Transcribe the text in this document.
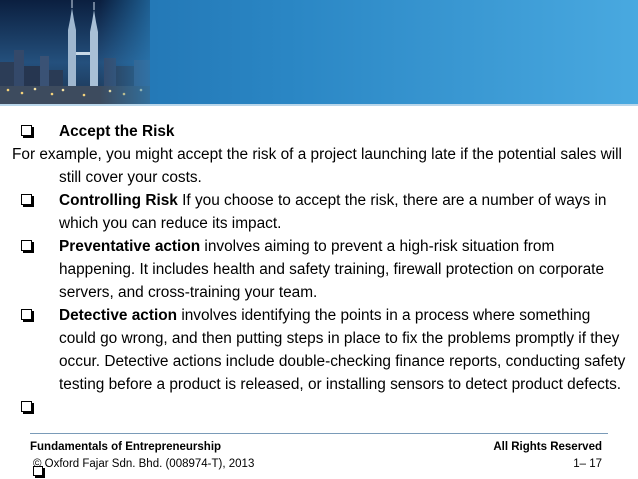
Accept the Risk
For example, you might accept the risk of a project launching late if the potential sales will still cover your costs.
Controlling Risk If you choose to accept the risk, there are a number of ways in which you can reduce its impact.
Preventative action involves aiming to prevent a high-risk situation from happening. It includes health and safety training, firewall protection on corporate servers, and cross-training your team.
Detective action involves identifying the points in a process where something could go wrong, and then putting steps in place to fix the problems promptly if they occur. Detective actions include double-checking finance reports, conducting safety testing before a product is released, or installing sensors to detect product defects.
Fundamentals of Entrepreneurship	All Rights Reserved
© Oxford Fajar Sdn. Bhd. (008974-T), 2013	1– 17
